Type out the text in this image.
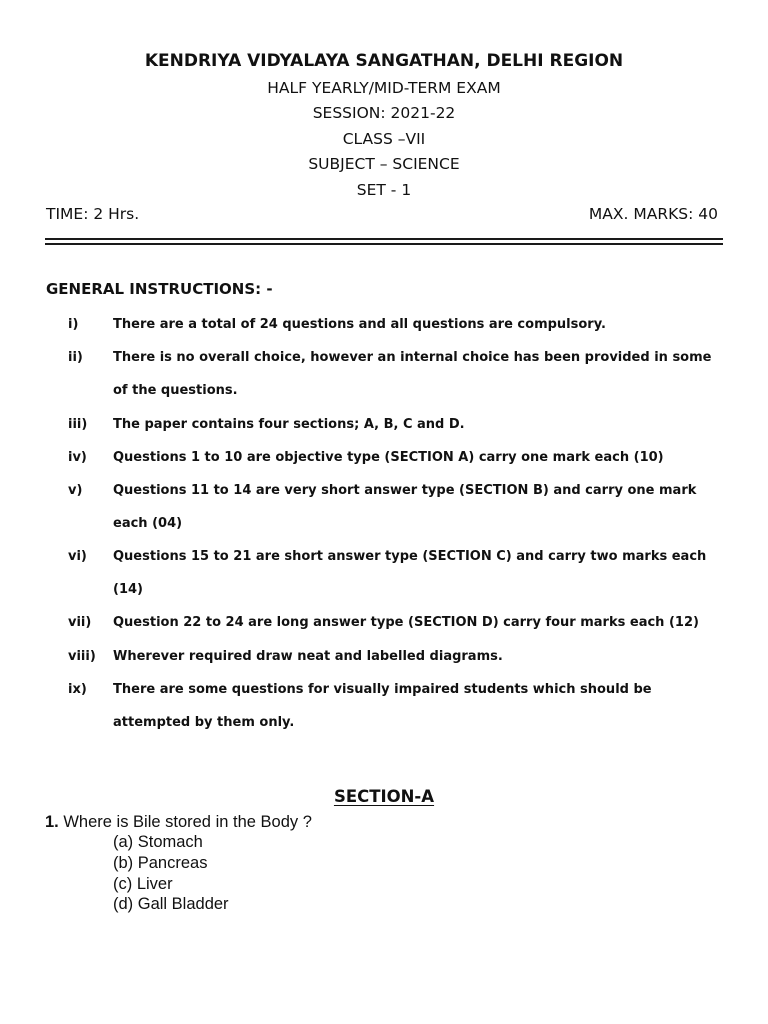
KENDRIYA VIDYALAYA SANGATHAN, DELHI REGION
HALF YEARLY/MID-TERM EXAM
SESSION: 2021-22
CLASS –VII
SUBJECT – SCIENCE
SET - 1
TIME: 2 Hrs.	MAX. MARKS: 40
GENERAL INSTRUCTIONS: -
i)	There are a total of 24 questions and all questions are compulsory.
ii) There is no overall choice, however an internal choice has been provided in some
of the questions.
iii) The paper contains four sections; A, B, C and D.
iv) Questions 1 to 10 are objective type (SECTION A) carry one mark each (10)
v) Questions 11 to 14 are very short answer type (SECTION B) and carry one mark
each (04)
vi) Questions 15 to 21 are short answer type (SECTION C) and carry two marks each
(14)
vii) Question 22 to 24 are long answer type (SECTION D) carry four marks each (12)
viii) Wherever required draw neat and labelled diagrams.
ix) There are some questions for visually impaired students which should be
attempted by them only.
SECTION-A
1. Where is Bile stored in the Body ?
(a) Stomach
(b) Pancreas
(c) Liver
(d) Gall Bladder
